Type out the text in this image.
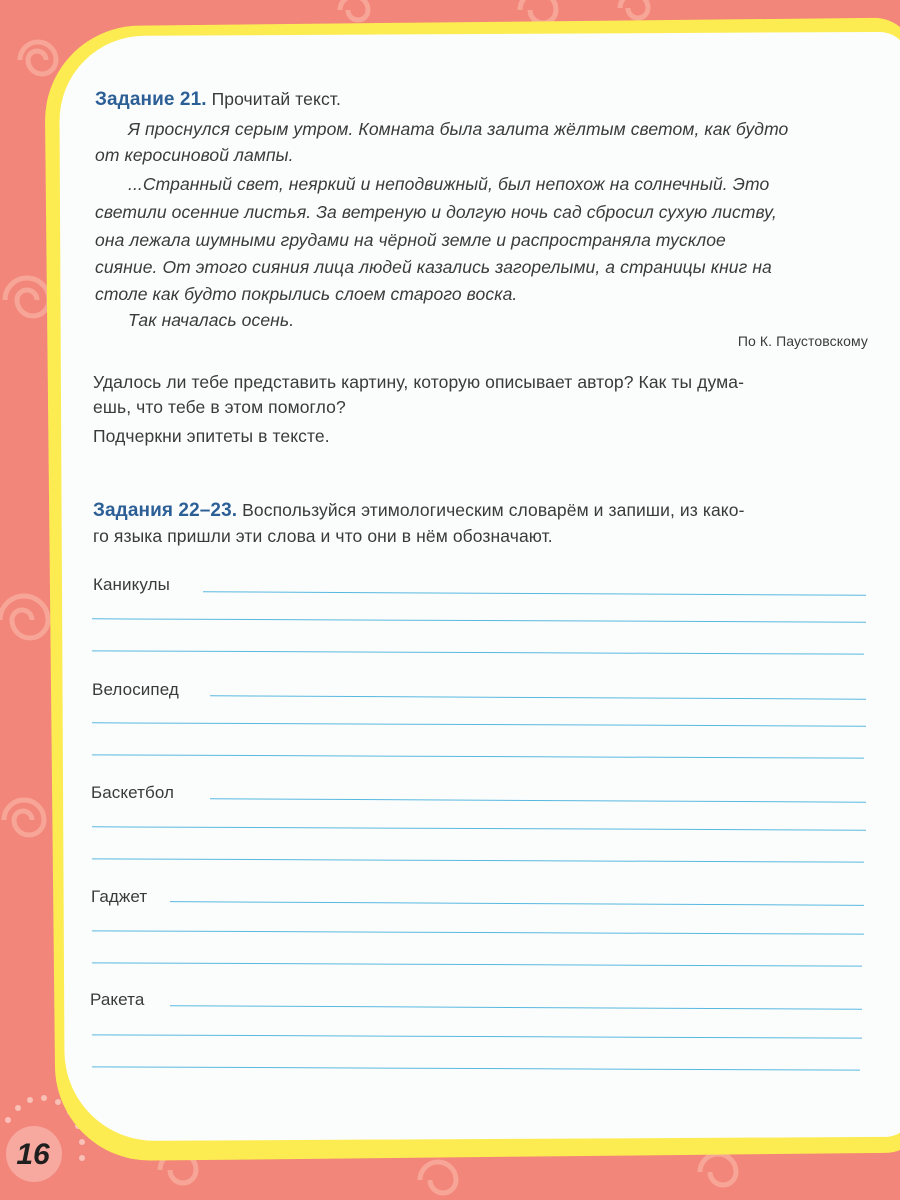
Задание 21. Прочитай текст.
Я проснулся серым утром. Комната была залита жёлтым светом, как будто
от керосиновой лампы.
...Странный свет, неяркий и неподвижный, был непохож на солнечный. Это
светили осенние листья. За ветреную и долгую ночь сад сбросил сухую листву,
она лежала шумными грудами на чёрной земле и распространяла тусклое
сияние. От этого сияния лица людей казались загорелыми, а страницы книг на
столе как будто покрылись слоем старого воска.
Так началась осень.
По К. Паустовскому
Удалось ли тебе представить картину, которую описывает автор? Как ты дума-
ешь, что тебе в этом помогло?
Подчеркни эпитеты в тексте.
Задания 22–23. Воспользуйся этимологическим словарём и запиши, из како-
го языка пришли эти слова и что они в нём обозначают.
Каникулы
Велосипед
Баскетбол
Гаджет
Ракета
16
